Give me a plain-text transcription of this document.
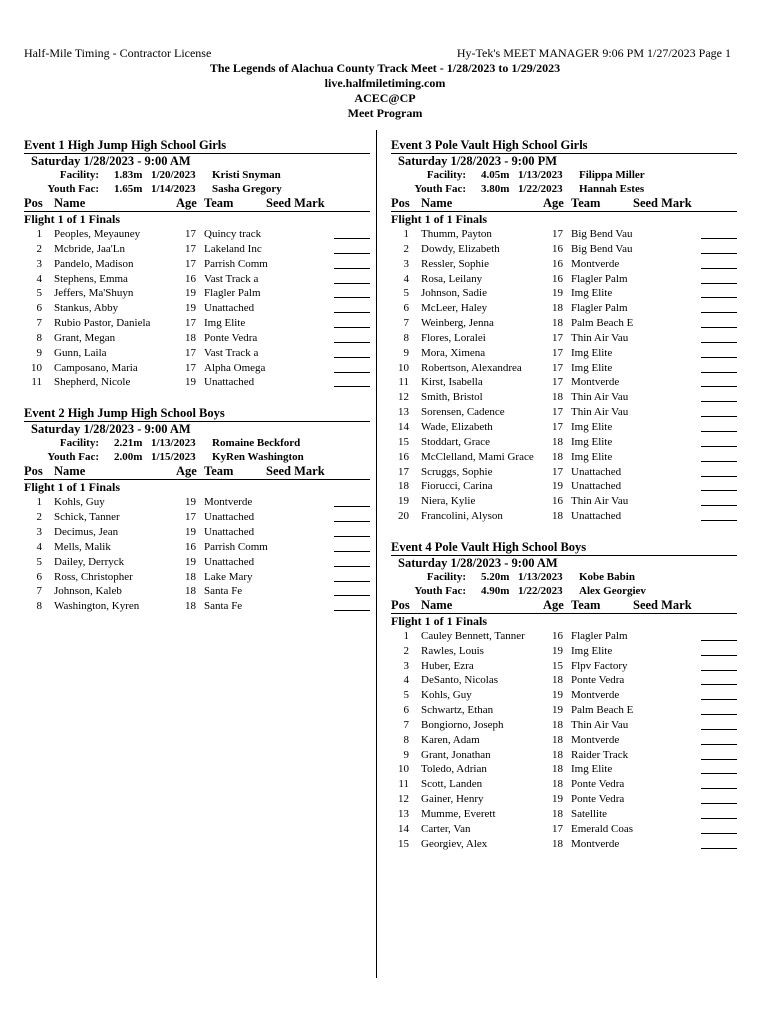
Half-Mile Timing - Contractor License	Hy-Tek's MEET MANAGER 9:06 PM 1/27/2023 Page 1
The Legends of Alachua County Track Meet - 1/28/2023 to 1/29/2023
live.halfmiletiming.com
ACEC@CP
Meet Program
Event 1 High Jump High School Girls
Saturday 1/28/2023 - 9:00 AM
Facility: 1.83m 1/20/2023 Kristi Snyman
Youth Fac: 1.65m 1/14/2023 Sasha Gregory
Pos Name	Age Team	Seed Mark
Flight 1 of 1 Finals
1 Peoples, Meyauney	17 Quincy track
2 Mcbride, Jaa'Ln	17 Lakeland Inc
3 Pandelo, Madison	17 Parrish Comm
4 Stephens, Emma	16 Vast Track a
5 Jeffers, Ma'Shuyn	19 Flagler Palm
6 Stankus, Abby	19 Unattached
7 Rubio Pastor, Daniela	17 Img Elite
8 Grant, Megan	18 Ponte Vedra
9 Gunn, Laila	17 Vast Track a
10 Camposano, Maria	17 Alpha Omega
11 Shepherd, Nicole	19 Unattached
Event 2 High Jump High School Boys
Saturday 1/28/2023 - 9:00 AM
Facility: 2.21m 1/13/2023 Romaine Beckford
Youth Fac: 2.00m 1/15/2023 KyRen Washington
Pos Name	Age Team	Seed Mark
Flight 1 of 1 Finals
1 Kohls, Guy	19 Montverde
2 Schick, Tanner	17 Unattached
3 Decimus, Jean	19 Unattached
4 Mells, Malik	16 Parrish Comm
5 Dailey, Derryck	19 Unattached
6 Ross, Christopher	18 Lake Mary
7 Johnson, Kaleb	18 Santa Fe
8 Washington, Kyren	18 Santa Fe
Event 3 Pole Vault High School Girls
Saturday 1/28/2023 - 9:00 PM
Facility: 4.05m 1/13/2023 Filippa Miller
Youth Fac: 3.80m 1/22/2023 Hannah Estes
Pos Name	Age Team	Seed Mark
Flight 1 of 1 Finals
1 Thumm, Payton	17 Big Bend Vau
2 Dowdy, Elizabeth	16 Big Bend Vau
3 Ressler, Sophie	16 Montverde
4 Rosa, Leilany	16 Flagler Palm
5 Johnson, Sadie	19 Img Elite
6 McLeer, Haley	18 Flagler Palm
7 Weinberg, Jenna	18 Palm Beach E
8 Flores, Loralei	17 Thin Air Vau
9 Mora, Ximena	17 Img Elite
10 Robertson, Alexandrea	17 Img Elite
11 Kirst, Isabella	17 Montverde
12 Smith, Bristol	18 Thin Air Vau
13 Sorensen, Cadence	17 Thin Air Vau
14 Wade, Elizabeth	17 Img Elite
15 Stoddart, Grace	18 Img Elite
16 McClelland, Mami Grace	18 Img Elite
17 Scruggs, Sophie	17 Unattached
18 Fiorucci, Carina	19 Unattached
19 Niera, Kylie	16 Thin Air Vau
20 Francolini, Alyson	18 Unattached
Event 4 Pole Vault High School Boys
Saturday 1/28/2023 - 9:00 AM
Facility: 5.20m 1/13/2023 Kobe Babin
Youth Fac: 4.90m 1/22/2023 Alex Georgiev
Pos Name	Age Team	Seed Mark
Flight 1 of 1 Finals
1 Cauley Bennett, Tanner	16 Flagler Palm
2 Rawles, Louis	19 Img Elite
3 Huber, Ezra	15 Flpv Factory
4 DeSanto, Nicolas	18 Ponte Vedra
5 Kohls, Guy	19 Montverde
6 Schwartz, Ethan	19 Palm Beach E
7 Bongiorno, Joseph	18 Thin Air Vau
8 Karen, Adam	18 Montverde
9 Grant, Jonathan	18 Raider Track
10 Toledo, Adrian	18 Img Elite
11 Scott, Landen	18 Ponte Vedra
12 Gainer, Henry	19 Ponte Vedra
13 Mumme, Everett	18 Satellite
14 Carter, Van	17 Emerald Coas
15 Georgiev, Alex	18 Montverde
